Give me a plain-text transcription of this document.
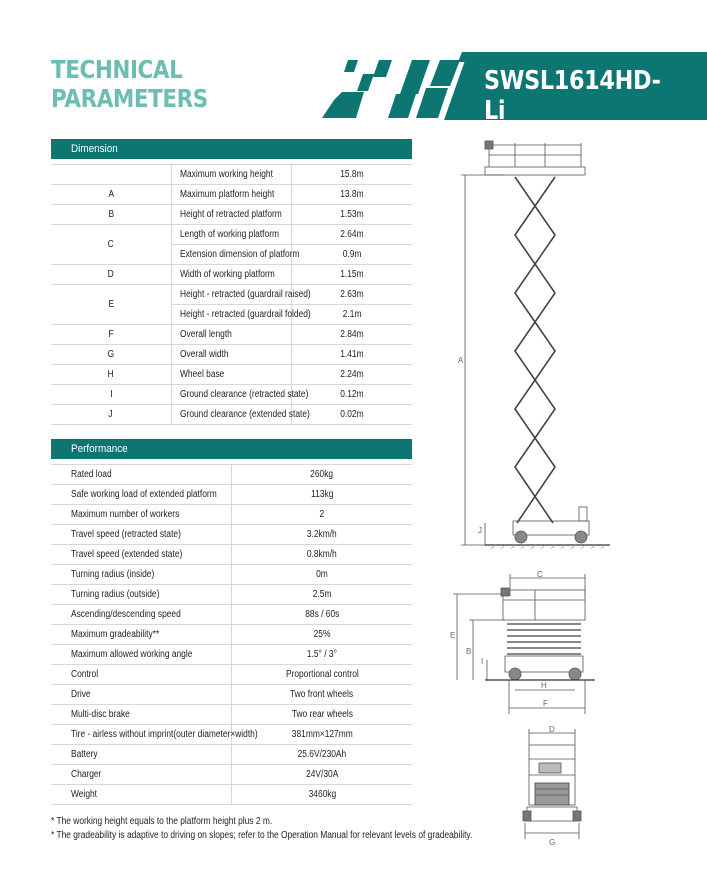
TECHNICAL
PARAMETERS
SWSL1614HD-Li
Dimension

	Maximum working height	15.8m
A	Maximum platform height	13.8m
B	Height of retracted platform	1.53m
C	Length of working platform	2.64m
	Extension dimension of platform	0.9m
D	Width of working platform	1.15m
E	Height - retracted (guardrail raised)	2.63m
	Height - retracted (guardrail folded)	2.1m
F	Overall length	2.84m
G	Overall width	1.41m
H	Wheel base	2.24m
I	Ground clearance (retracted state)	0.12m
J	Ground clearance (extended state)	0.02m
Performance

Rated load	260kg
Safe working load of extended platform	113kg
Maximum number of workers	2
Travel speed (retracted state)	3.2km/h
Travel speed (extended state)	0.8km/h
Turning radius (inside)	0m
Turning radius (outside)	2.5m
Ascending/descending speed	88s / 60s
Maximum gradeability**	25%
Maximum allowed working angle	1.5° / 3°
Control	Proportional control
Drive	Two front wheels
Multi-disc brake	Two rear wheels
Tire - airless without imprint(outer diameter×width)	381mm×127mm
Battery	25.6V/230Ah
Charger	24V/30A
Weight	3460kg
* The working height equals to the platform height plus 2 m.
* The gradeability is adaptive to driving on slopes; refer to the Operation Manual for relevant levels of gradeability.
A
J
C
E
B
I
H
F
D
G
